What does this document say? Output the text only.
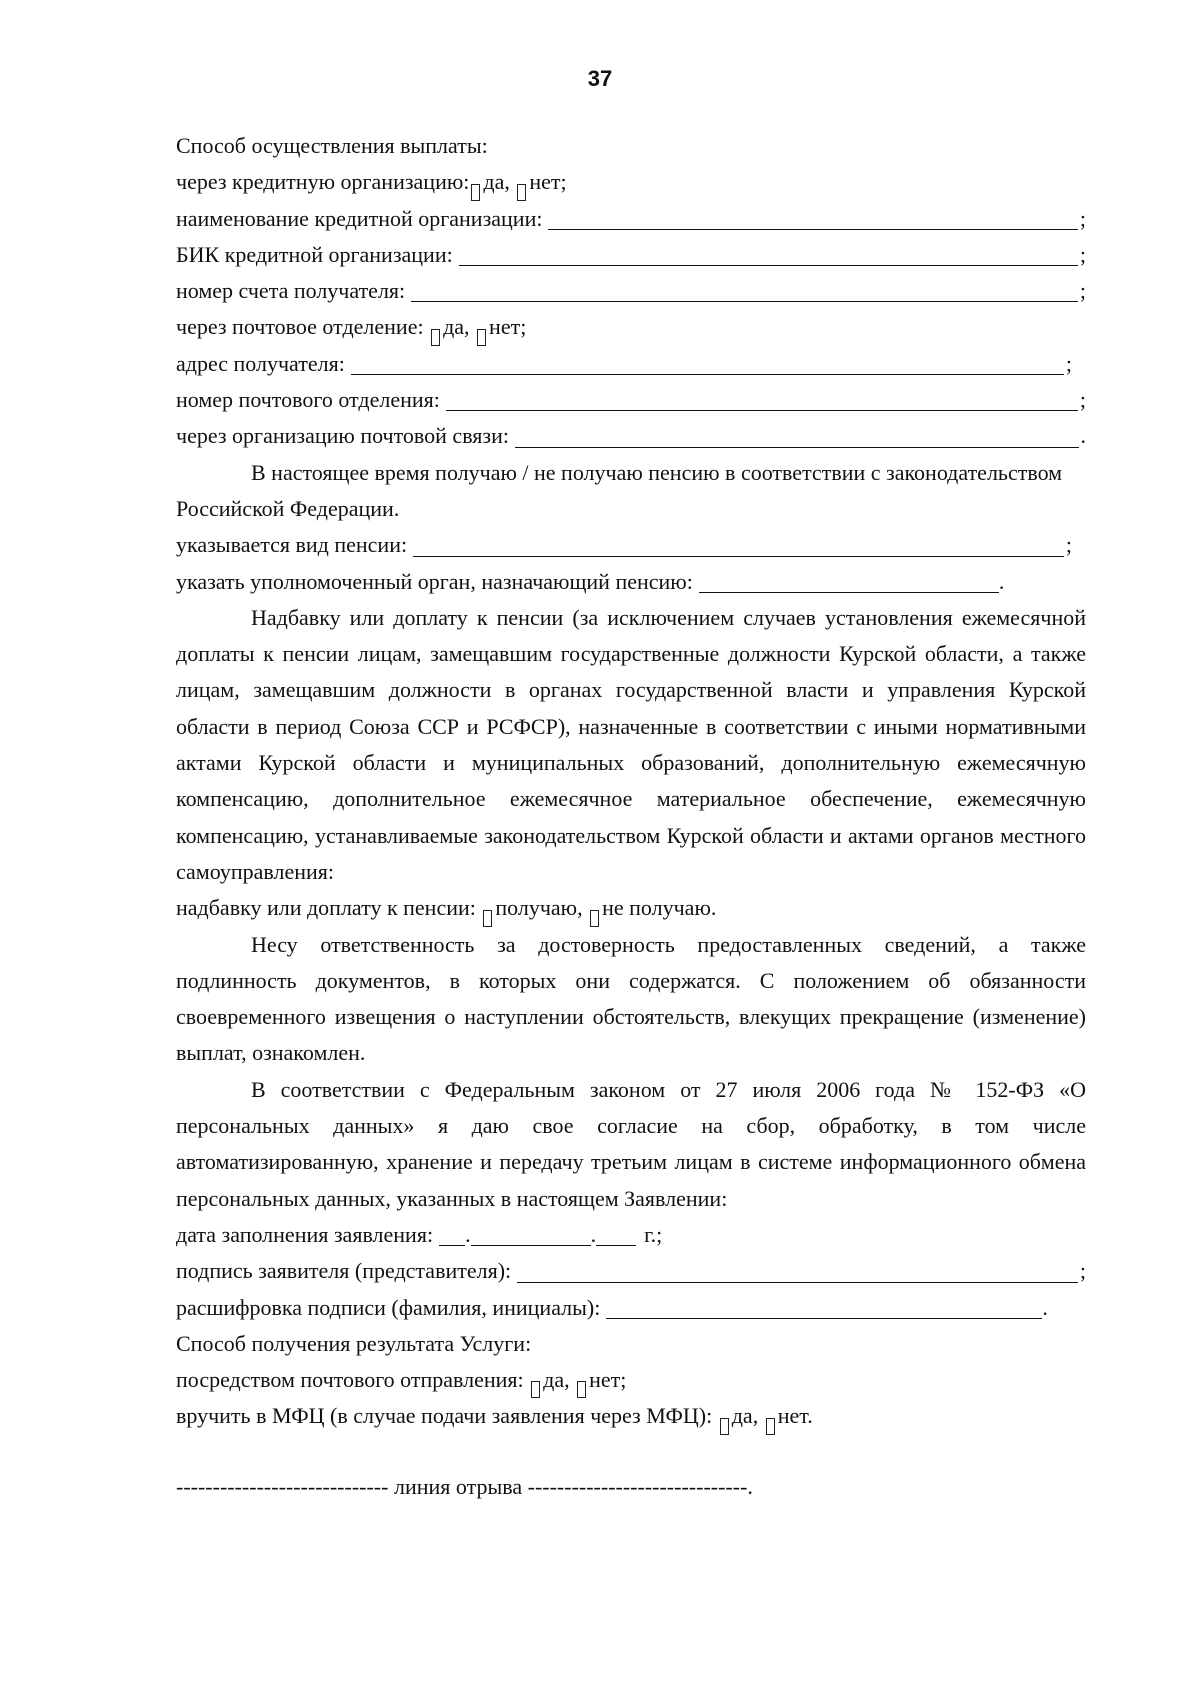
37
Способ осуществления выплаты:
через кредитную организацию: да,
нет;
наименование кредитной организации:	;
БИК кредитной организации:	;
номер счета получателя:	;
через почтовое отделение:
да,
нет;
адрес получателя:	;
номер почтового отделения:	;
через организацию почтовой связи:	.

В настоящее время получаю / не получаю пенсию в соответствии с законодательством Российской Федерации.

указывается вид пенсии:	;
указать уполномоченный орган, назначающий пенсию:	.

Надбавку или доплату к пенсии (за исключением случаев установления ежемесячной доплаты к пенсии лицам, замещавшим государственные должности Курской области, а также лицам, замещавшим должности в органах государственной власти и управления Курской области в период Союза ССР и РСФСР), назначенные в соответствии с иными нормативными актами Курской области и муниципальных образований, дополнительную ежемесячную компенсацию, дополнительное ежемесячное материальное обеспечение, ежемесячную компенсацию, устанавливаемые законодательством Курской области и актами органов местного самоуправления:

надбавку или доплату к пенсии:
получаю,
не получаю.

Несу ответственность за достоверность предоставленных сведений, а также подлинность документов, в которых они содержатся. С положением об обязанности своевременного извещения о наступлении обстоятельств, влекущих прекращение (изменение) выплат, ознакомлен.

В соответствии с Федеральным законом от 27 июля 2006 года № 152-ФЗ «О персональных данных» я даю свое согласие на сбор, обработку, в том числе автоматизированную, хранение и передачу третьим лицам в системе информационного обмена персональных данных, указанных в настоящем Заявлении:

дата заполнения заявления: .	. г.;
подпись заявителя (представителя):	;
расшифровка подписи (фамилия, инициалы):	.
Способ получения результата Услуги:
посредством почтового отправления:
да,
нет;
вручить в МФЦ (в случае подачи заявления через МФЦ):
да,
нет.
----------------------------- линия отрыва ------------------------------.
